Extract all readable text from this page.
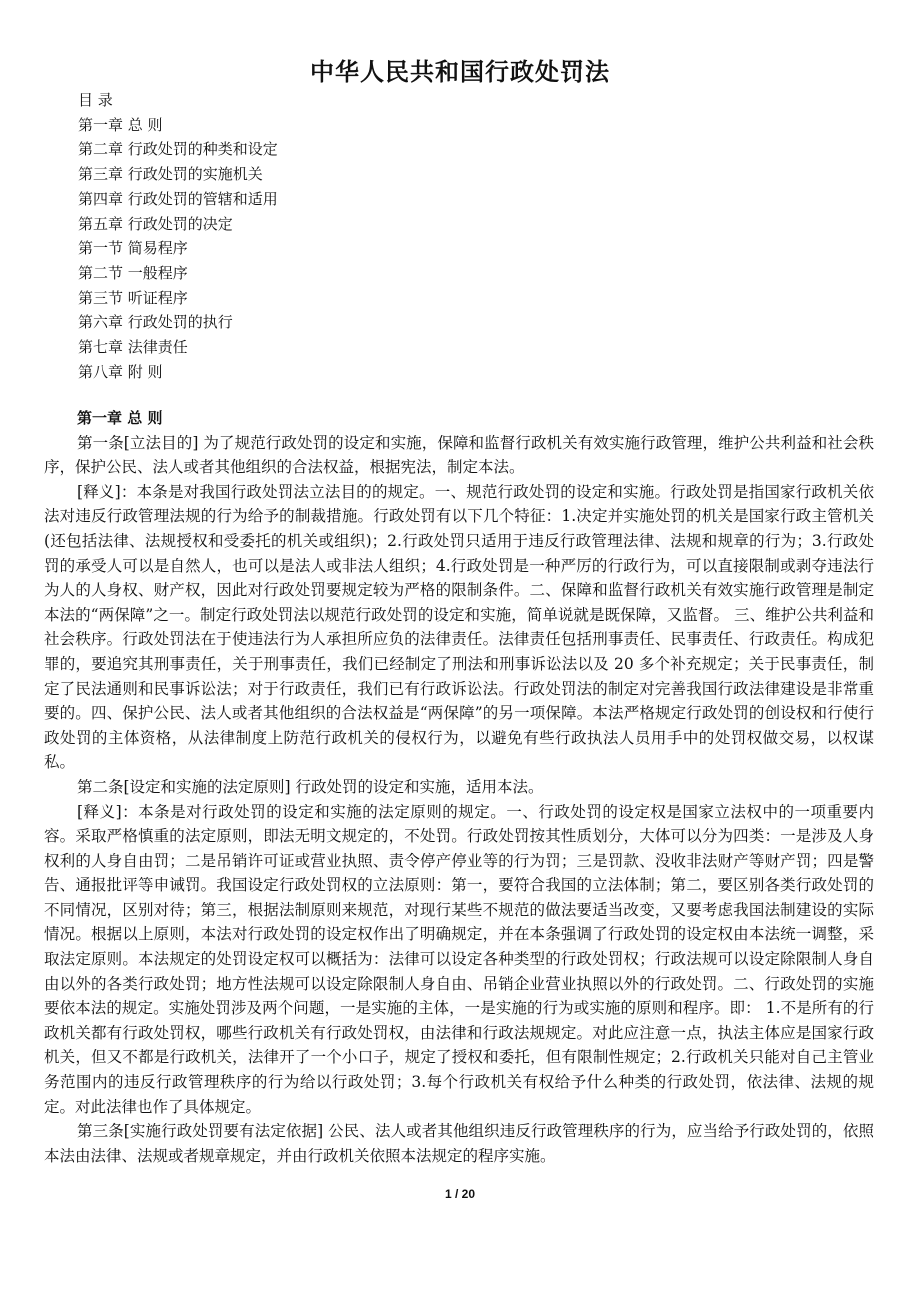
中华人民共和国行政处罚法
目 录
第一章 总 则
第二章 行政处罚的种类和设定
第三章 行政处罚的实施机关
第四章 行政处罚的管辖和适用
第五章 行政处罚的决定
第一节 简易程序
第二节 一般程序
第三节 听证程序
第六章 行政处罚的执行
第七章 法律责任
第八章 附 则
第一章 总 则

第一条[立法目的] 为了规范行政处罚的设定和实施，保障和监督行政机关有效实施行政管理，维护公共利益和社会秩序，保护公民、法人或者其他组织的合法权益，根据宪法，制定本法。

[释义]：本条是对我国行政处罚法立法目的的规定。一、规范行政处罚的设定和实施。行政处罚是指国家行政机关依法对违反行政管理法规的行为给予的制裁措施。行政处罚有以下几个特征：1.决定并实施处罚的机关是国家行政主管机关(还包括法律、法规授权和受委托的机关或组织)；2.行政处罚只适用于违反行政管理法律、法规和规章的行为；3.行政处罚的承受人可以是自然人，也可以是法人或非法人组织；4.行政处罚是一种严厉的行政行为，可以直接限制或剥夺违法行为人的人身权、财产权，因此对行政处罚要规定较为严格的限制条件。二、保障和监督行政机关有效实施行政管理是制定本法的“两保障”之一。制定行政处罚法以规范行政处罚的设定和实施，简单说就是既保障，又监督。 三、维护公共利益和社会秩序。行政处罚法在于使违法行为人承担所应负的法律责任。法律责任包括刑事责任、民事责任、行政责任。构成犯罪的，要追究其刑事责任，关于刑事责任，我们已经制定了刑法和刑事诉讼法以及 20 多个补充规定；关于民事责任，制定了民法通则和民事诉讼法；对于行政责任，我们已有行政诉讼法。行政处罚法的制定对完善我国行政法律建设是非常重要的。四、保护公民、法人或者其他组织的合法权益是“两保障”的另一项保障。本法严格规定行政处罚的创设权和行使行政处罚的主体资格，从法律制度上防范行政机关的侵权行为，以避免有些行政执法人员用手中的处罚权做交易，以权谋私。

第二条[设定和实施的法定原则] 行政处罚的设定和实施，适用本法。

[释义]：本条是对行政处罚的设定和实施的法定原则的规定。一、行政处罚的设定权是国家立法权中的一项重要内容。采取严格慎重的法定原则，即法无明文规定的，不处罚。行政处罚按其性质划分，大体可以分为四类：一是涉及人身权利的人身自由罚；二是吊销许可证或营业执照、责令停产停业等的行为罚；三是罚款、没收非法财产等财产罚；四是警告、通报批评等申诫罚。我国设定行政处罚权的立法原则：第一，要符合我国的立法体制；第二，要区别各类行政处罚的不同情况，区别对待；第三，根据法制原则来规范，对现行某些不规范的做法要适当改变，又要考虑我国法制建设的实际情况。根据以上原则，本法对行政处罚的设定权作出了明确规定，并在本条强调了行政处罚的设定权由本法统一调整，采取法定原则。本法规定的处罚设定权可以概括为：法律可以设定各种类型的行政处罚权；行政法规可以设定除限制人身自由以外的各类行政处罚；地方性法规可以设定除限制人身自由、吊销企业营业执照以外的行政处罚。二、行政处罚的实施要依本法的规定。实施处罚涉及两个问题，一是实施的主体，一是实施的行为或实施的原则和程序。即： 1.不是所有的行政机关都有行政处罚权，哪些行政机关有行政处罚权，由法律和行政法规规定。对此应注意一点，执法主体应是国家行政机关，但又不都是行政机关，法律开了一个小口子，规定了授权和委托，但有限制性规定；2.行政机关只能对自己主管业务范围内的违反行政管理秩序的行为给以行政处罚；3.每个行政机关有权给予什么种类的行政处罚，依法律、法规的规定。对此法律也作了具体规定。

第三条[实施行政处罚要有法定依据] 公民、法人或者其他组织违反行政管理秩序的行为，应当给予行政处罚的，依照本法由法律、法规或者规章规定，并由行政机关依照本法规定的程序实施。

1 / 20
